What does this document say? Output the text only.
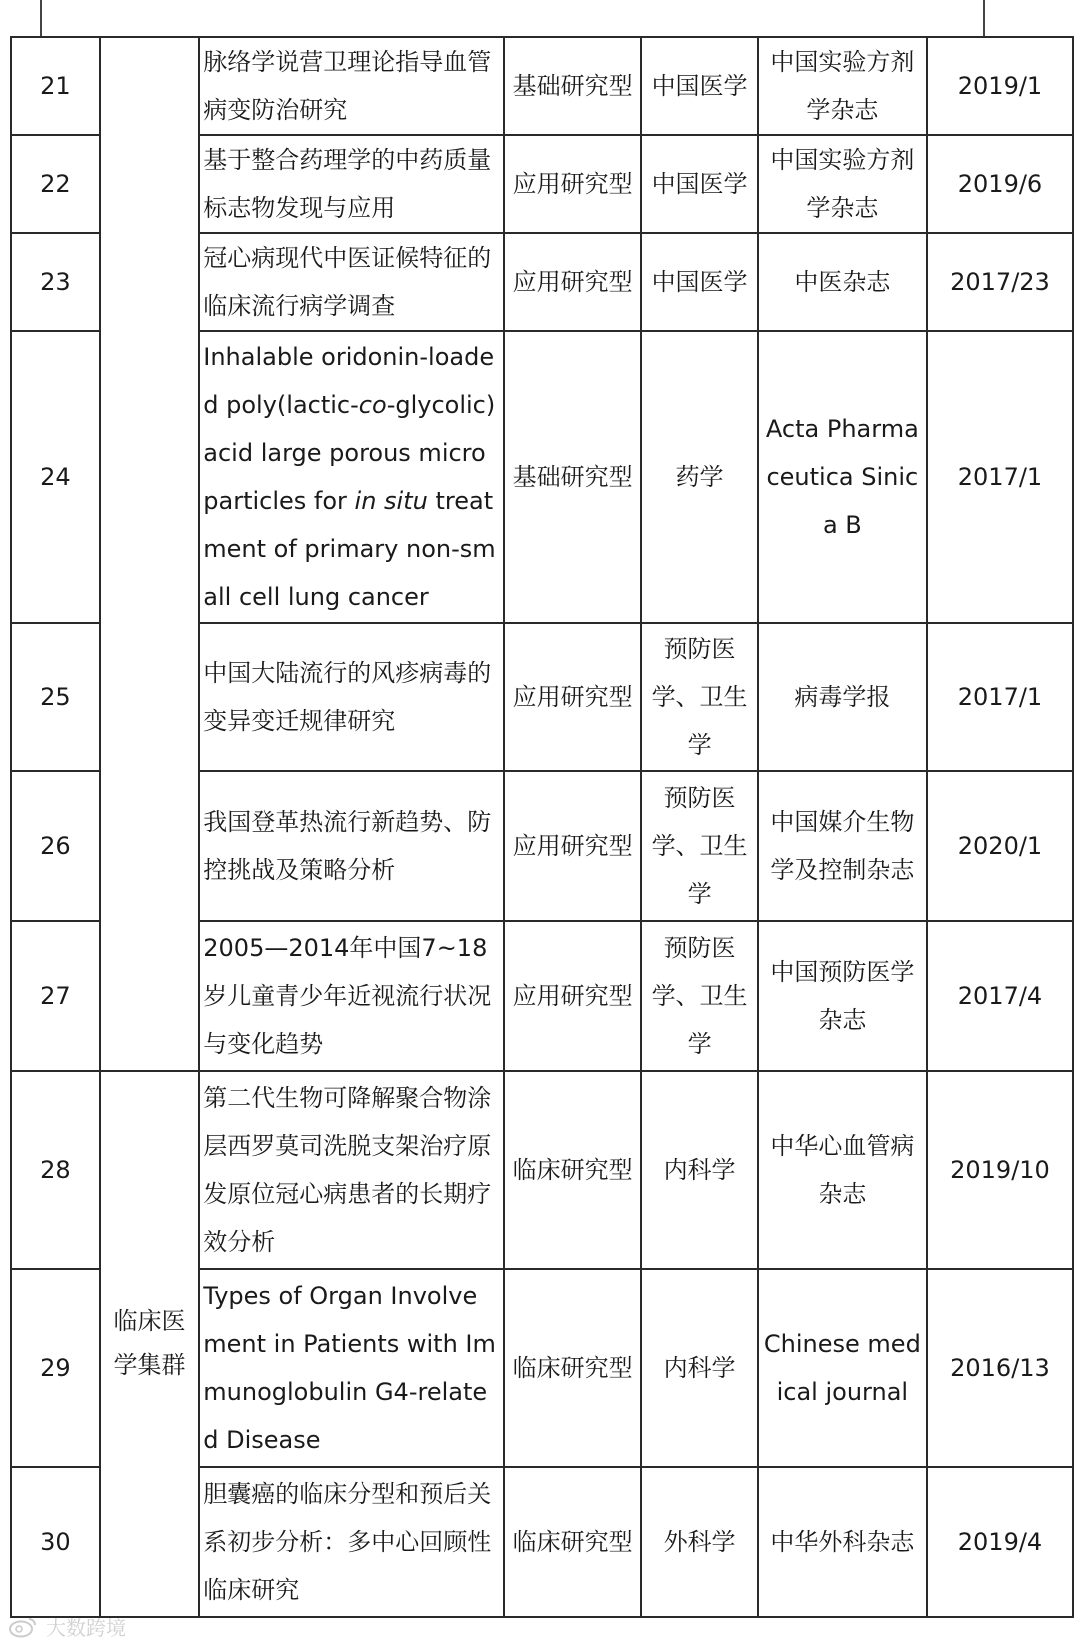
21		脉络学说营卫理论指导血管病变防治研究	基础研究型	中国医学	中国实验方剂学杂志	2019/1
22		基于整合药理学的中药质量标志物发现与应用	应用研究型	中国医学	中国实验方剂学杂志	2019/6
23		冠心病现代中医证候特征的临床流行病学调查	应用研究型	中国医学	中医杂志	2017/23
24		Inhalable oridonin-loaded poly(lactic-co-glycolic) acid large porous microparticles for in situ treatment of primary non-small cell lung cancer	基础研究型	药学	Acta Pharmaceutica Sinica B	2017/1
25		中国大陆流行的风疹病毒的变异变迁规律研究	应用研究型	预防医学、卫生学	病毒学报	2017/1
26		我国登革热流行新趋势、防控挑战及策略分析	应用研究型	预防医学、卫生学	中国媒介生物学及控制杂志	2020/1
27		2005—2014年中国7~18岁儿童青少年近视流行状况与变化趋势	应用研究型	预防医学、卫生学	中国预防医学杂志	2017/4
28	临床医学集群	第二代生物可降解聚合物涂层西罗莫司洗脱支架治疗原发原位冠心病患者的长期疗效分析	临床研究型	内科学	中华心血管病杂志	2019/10
29		Types of Organ Involvement in Patients with Immunoglobulin G4-related Disease	临床研究型	内科学	Chinese medical journal	2016/13
30		胆囊癌的临床分型和预后关系初步分析：多中心回顾性临床研究	临床研究型	外科学	中华外科杂志	2019/4
大数跨境
